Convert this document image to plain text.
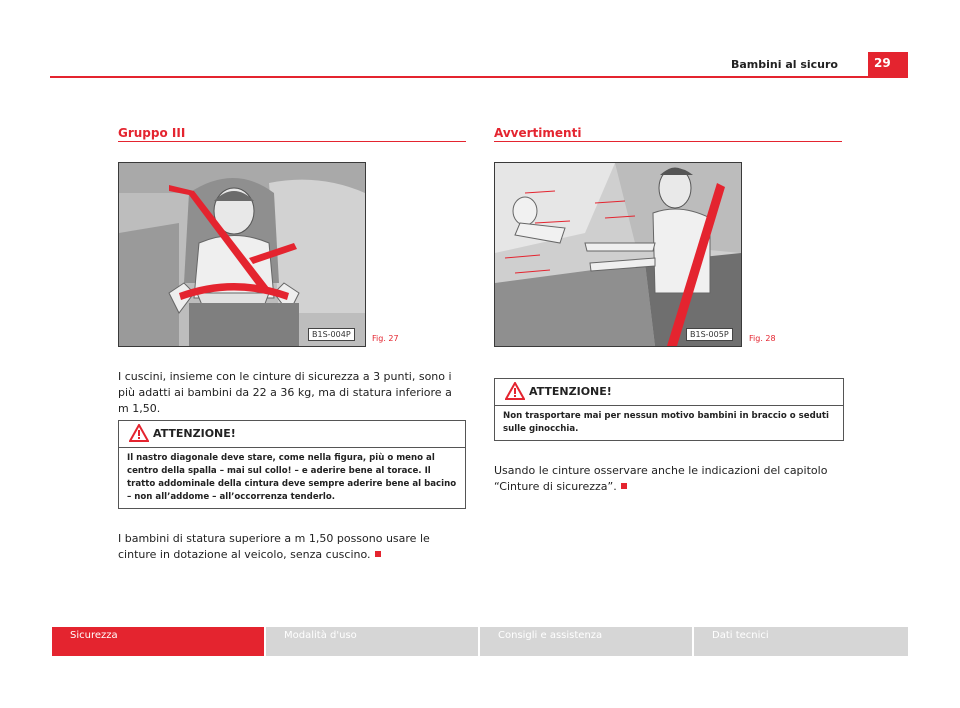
Bambini al sicuro	29
Gruppo III
B1S-004P	Fig. 27
I cuscini, insieme con le cinture di sicurezza a 3 punti, sono i più adatti ai bambini da 22 a 36 kg, ma di statura inferiore a m 1,50.
ATTENZIONE!
Il nastro diagonale deve stare, come nella figura, più o meno al centro della spalla – mai sul collo! – e aderire bene al torace. Il tratto addominale della cintura deve sempre aderire bene al bacino – non all’addome – all’occorrenza tenderlo.
I bambini di statura superiore a m 1,50 possono usare le cinture in dotazione al veicolo, senza cuscino.
Avvertimenti
B1S-005P	Fig. 28
ATTENZIONE!
Non trasportare mai per nessun motivo bambini in braccio o seduti sulle ginocchia.
Usando le cinture osservare anche le indicazioni del capitolo “Cinture di sicurezza”.
Sicurezza	Modalità d'uso	Consigli e assistenza	Dati tecnici
